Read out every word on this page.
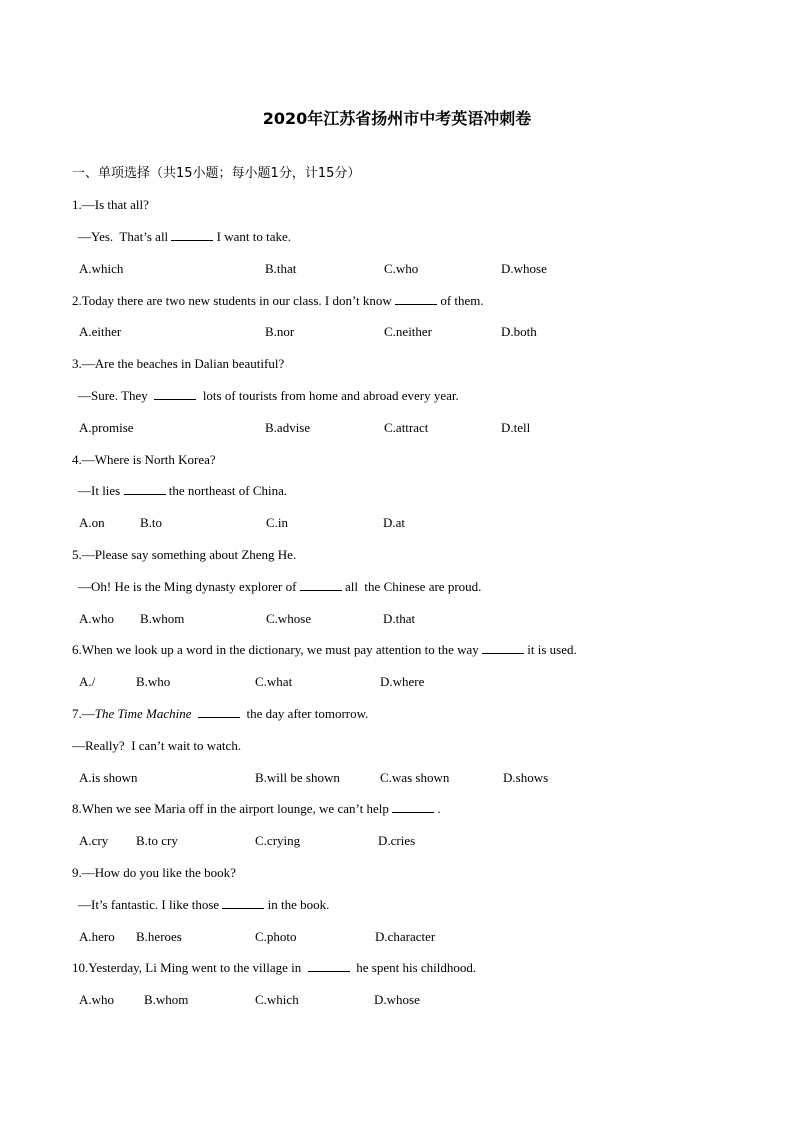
2020年江苏省扬州市中考英语冲刺卷
一、单项选择（共15小题；每小题1分，计15分）
1.—Is that all?
—Yes.  That’s all	I want to take.
A.which	B.that	C.who	D.whose
2.Today there are two new students in our class. I don’t know	of them.
A.either	B.nor	C.neither	D.both
3.—Are the beaches in Dalian beautiful?
—Sure. They	lots of tourists from home and abroad every year.
A.promise	B.advise	C.attract	D.tell
4.—Where is North Korea?
—It lies	the northeast of China.
A.on	B.to	C.in	D.at
5.—Please say something about Zheng He.
—Oh! He is the Ming dynasty explorer of	all  the Chinese are proud.
A.who B.whom	C.whose	D.that
6.When we look up a word in the dictionary, we must pay attention to the way	it is used.
A./	B.who	C.what	D.where
7.—The Time Machine	the day after tomorrow.
—Really?  I can’t wait to watch.
A.is shown	B.will be shown	C.was shown	D.shows
8.When we see Maria off in the airport lounge, we can’t help	.
A.cry B.to cry	C.crying	D.cries
9.—How do you like the book?
—It’s fantastic. I like those	in the book.
A.hero B.heroes	C.photo	D.character
10.Yesterday, Li Ming went to the village in	he spent his childhood.
A.who B.whom	C.which	D.whose
